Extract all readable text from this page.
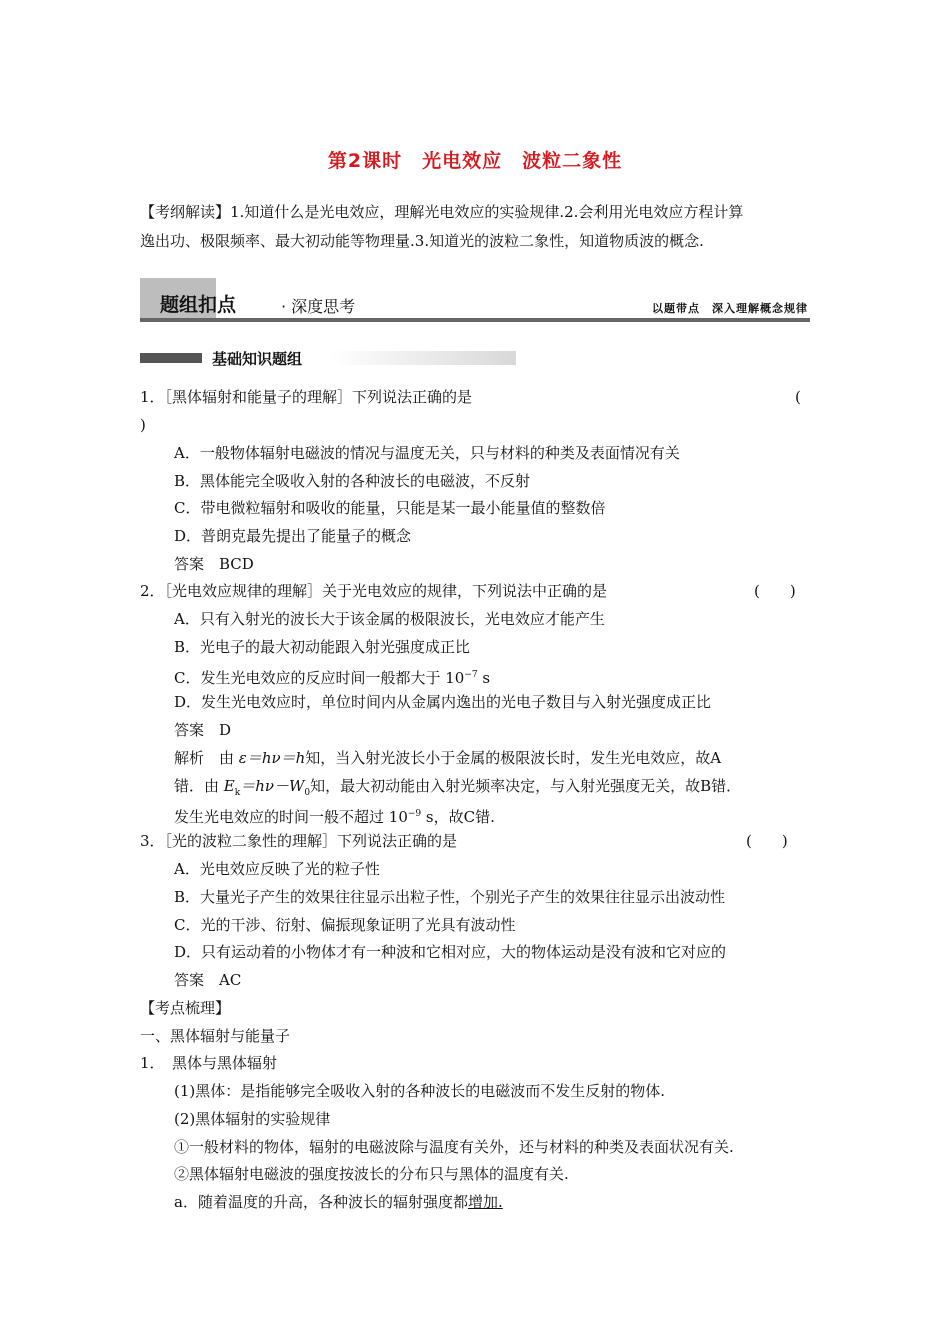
第2课时　光电效应　波粒二象性
【考纲解读】1.知道什么是光电效应，理解光电效应的实验规律.2.会利用光电效应方程计算
逸出功、极限频率、最大初动能等物理量.3.知道光的波粒二象性，知道物质波的概念.
题组扣点	· 深度思考	以题带点　深入理解概念规律
基础知识题组
1．［黑体辐射和能量子的理解］下列说法正确的是	(
)
A．一般物体辐射电磁波的情况与温度无关，只与材料的种类及表面情况有关
B．黑体能完全吸收入射的各种波长的电磁波，不反射
C．带电微粒辐射和吸收的能量，只能是某一最小能量值的整数倍
D．普朗克最先提出了能量子的概念
答案　BCD
2．［光电效应规律的理解］关于光电效应的规律，下列说法中正确的是	(　　)
A．只有入射光的波长大于该金属的极限波长，光电效应才能产生
B．光电子的最大初动能跟入射光强度成正比
C．发生光电效应的反应时间一般都大于 $10^{-7}$ s
D．发生光电效应时，单位时间内从金属内逸出的光电子数目与入射光强度成正比
答案　D
解析　由 ε＝hν＝h知，当入射光波长小于金属的极限波长时，发生光电效应，故A
错．由 $E_k=h\nu-W_0$知，最大初动能由入射光频率决定，与入射光强度无关，故B错．
发生光电效应的时间一般不超过 $10^{-9}$ s，故C错.
3．［光的波粒二象性的理解］下列说法正确的是	(　　)
A．光电效应反映了光的粒子性
B．大量光子产生的效果往往显示出粒子性，个别光子产生的效果往往显示出波动性
C．光的干涉、衍射、偏振现象证明了光具有波动性
D．只有运动着的小物体才有一种波和它相对应，大的物体运动是没有波和它对应的
答案　AC
【考点梳理】
一、黑体辐射与能量子
1．　黑体与黑体辐射
(1)黑体：是指能够完全吸收入射的各种波长的电磁波而不发生反射的物体.
(2)黑体辐射的实验规律
①一般材料的物体，辐射的电磁波除与温度有关外，还与材料的种类及表面状况有关.
②黑体辐射电磁波的强度按波长的分布只与黑体的温度有关.
a．随着温度的升高，各种波长的辐射强度都增加.
